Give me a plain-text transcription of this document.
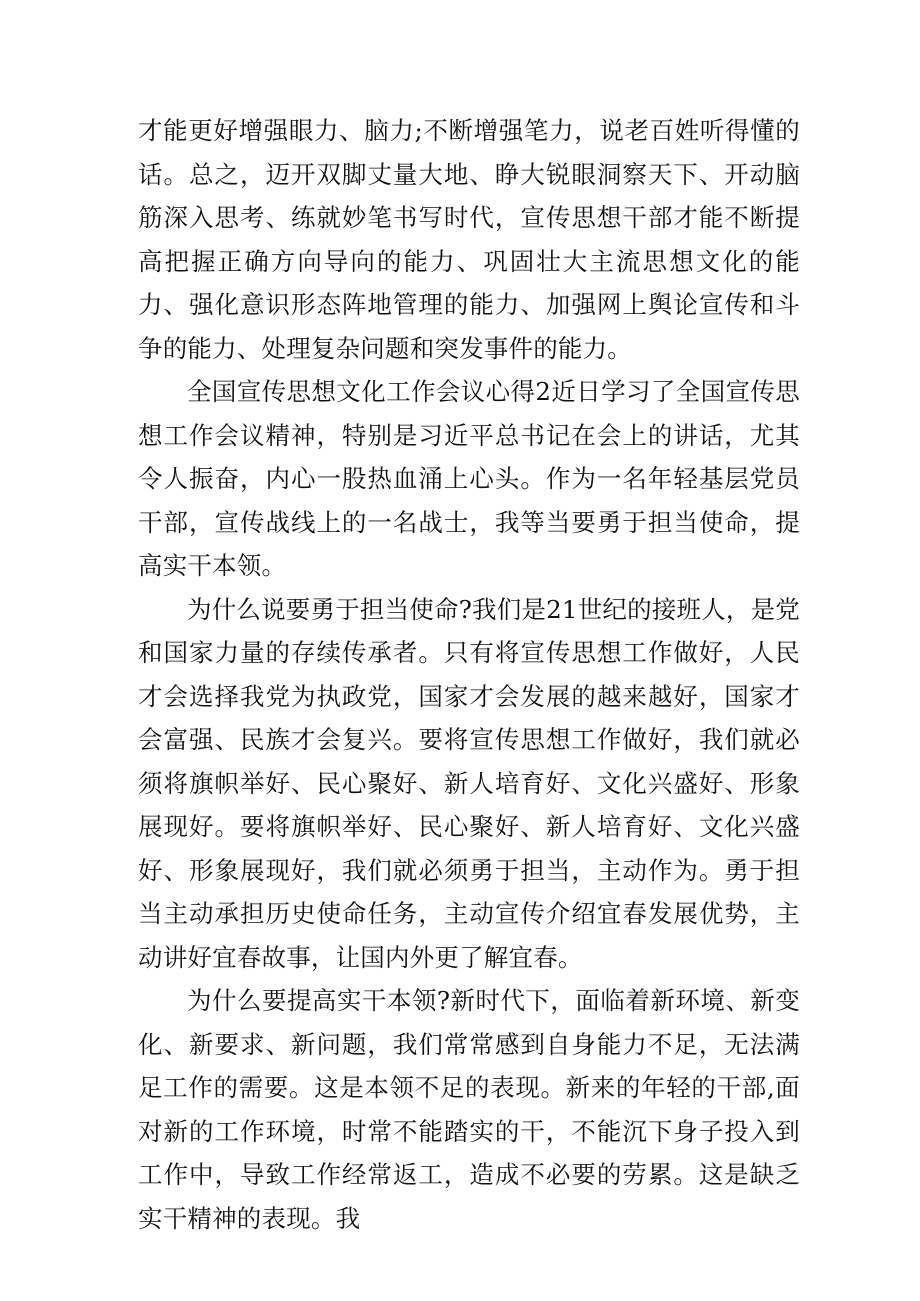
才能更好增强眼力、脑力;不断增强笔力，说老百姓听得懂的话。总之，迈开双脚丈量大地、睁大锐眼洞察天下、开动脑筋深入思考、练就妙笔书写时代，宣传思想干部才能不断提高把握正确方向导向的能力、巩固壮大主流思想文化的能力、强化意识形态阵地管理的能力、加强网上舆论宣传和斗争的能力、处理复杂问题和突发事件的能力。

全国宣传思想文化工作会议心得2近日学习了全国宣传思想工作会议精神，特别是习近平总书记在会上的讲话，尤其令人振奋，内心一股热血涌上心头。作为一名年轻基层党员干部，宣传战线上的一名战士，我等当要勇于担当使命，提高实干本领。

为什么说要勇于担当使命?我们是21世纪的接班人，是党和国家力量的存续传承者。只有将宣传思想工作做好，人民才会选择我党为执政党，国家才会发展的越来越好，国家才会富强、民族才会复兴。要将宣传思想工作做好，我们就必须将旗帜举好、民心聚好、新人培育好、文化兴盛好、形象展现好。要将旗帜举好、民心聚好、新人培育好、文化兴盛好、形象展现好，我们就必须勇于担当，主动作为。勇于担当主动承担历史使命任务，主动宣传介绍宜春发展优势，主动讲好宜春故事，让国内外更了解宜春。

为什么要提高实干本领?新时代下，面临着新环境、新变化、新要求、新问题，我们常常感到自身能力不足，无法满足工作的需要。这是本领不足的表现。新来的年轻的干部,面对新的工作环境，时常不能踏实的干，不能沉下身子投入到工作中，导致工作经常返工，造成不必要的劳累。这是缺乏实干精神的表现。我
